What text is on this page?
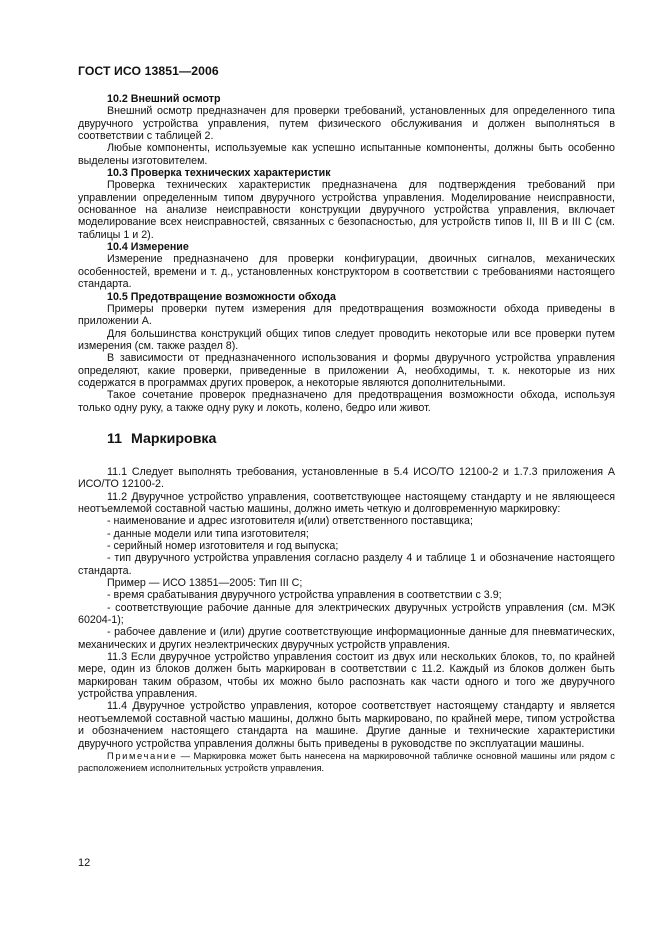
ГОСТ ИСО 13851—2006

10.2 Внешний осмотр

Внешний осмотр предназначен для проверки требований, установленных для определенного типа двуручного устройства управления, путем физического обслуживания и должен выполняться в соответствии с таблицей 2.

Любые компоненты, используемые как успешно испытанные компоненты, должны быть особенно выделены изготовителем.

10.3 Проверка технических характеристик

Проверка технических характеристик предназначена для подтверждения требований при управлении определенным типом двуручного устройства управления. Моделирование неисправности, основанное на анализе неисправности конструкции двуручного устройства управления, включает моделирование всех неисправностей, связанных с безопасностью, для устройств типов II, III B и III C (см. таблицы 1 и 2).

10.4 Измерение

Измерение предназначено для проверки конфигурации, двоичных сигналов, механических особенностей, времени и т. д., установленных конструктором в соответствии с требованиями настоящего стандарта.

10.5 Предотвращение возможности обхода

Примеры проверки путем измерения для предотвращения возможности обхода приведены в приложении А.

Для большинства конструкций общих типов следует проводить некоторые или все проверки путем измерения (см. также раздел 8).

В зависимости от предназначенного использования и формы двуручного устройства управления определяют, какие проверки, приведенные в приложении А, необходимы, т. к. некоторые из них содержатся в программах других проверок, а некоторые являются дополнительными.

Такое сочетание проверок предназначено для предотвращения возможности обхода, используя только одну руку, а также одну руку и локоть, колено, бедро или живот.

11 Маркировка

11.1 Следует выполнять требования, установленные в 5.4 ИСО/ТО 12100-2 и 1.7.3 приложения А ИСО/ТО 12100-2.

11.2 Двуручное устройство управления, соответствующее настоящему стандарту и не являющееся неотъемлемой составной частью машины, должно иметь четкую и долговременную маркировку:

- наименование и адрес изготовителя и(или) ответственного поставщика;

- данные модели или типа изготовителя;

- серийный номер изготовителя и год выпуска;

- тип двуручного устройства управления согласно разделу 4 и таблице 1 и обозначение настоящего стандарта.

Пример — ИСО 13851—2005: Тип III C;

- время срабатывания двуручного устройства управления в соответствии с 3.9;

- соответствующие рабочие данные для электрических двуручных устройств управления (см. МЭК 60204-1);

- рабочее давление и (или) другие соответствующие информационные данные для пневматических, механических и других неэлектрических двуручных устройств управления.

11.3 Если двуручное устройство управления состоит из двух или нескольких блоков, то, по крайней мере, один из блоков должен быть маркирован в соответствии с 11.2. Каждый из блоков должен быть маркирован таким образом, чтобы их можно было распознать как части одного и того же двуручного устройства управления.

11.4 Двуручное устройство управления, которое соответствует настоящему стандарту и является неотъемлемой составной частью машины, должно быть маркировано, по крайней мере, типом устройства и обозначением настоящего стандарта на машине. Другие данные и технические характеристики двуручного устройства управления должны быть приведены в руководстве по эксплуатации машины.

Примечание — Маркировка может быть нанесена на маркировочной табличке основной машины или рядом с расположением исполнительных устройств управления.

12
